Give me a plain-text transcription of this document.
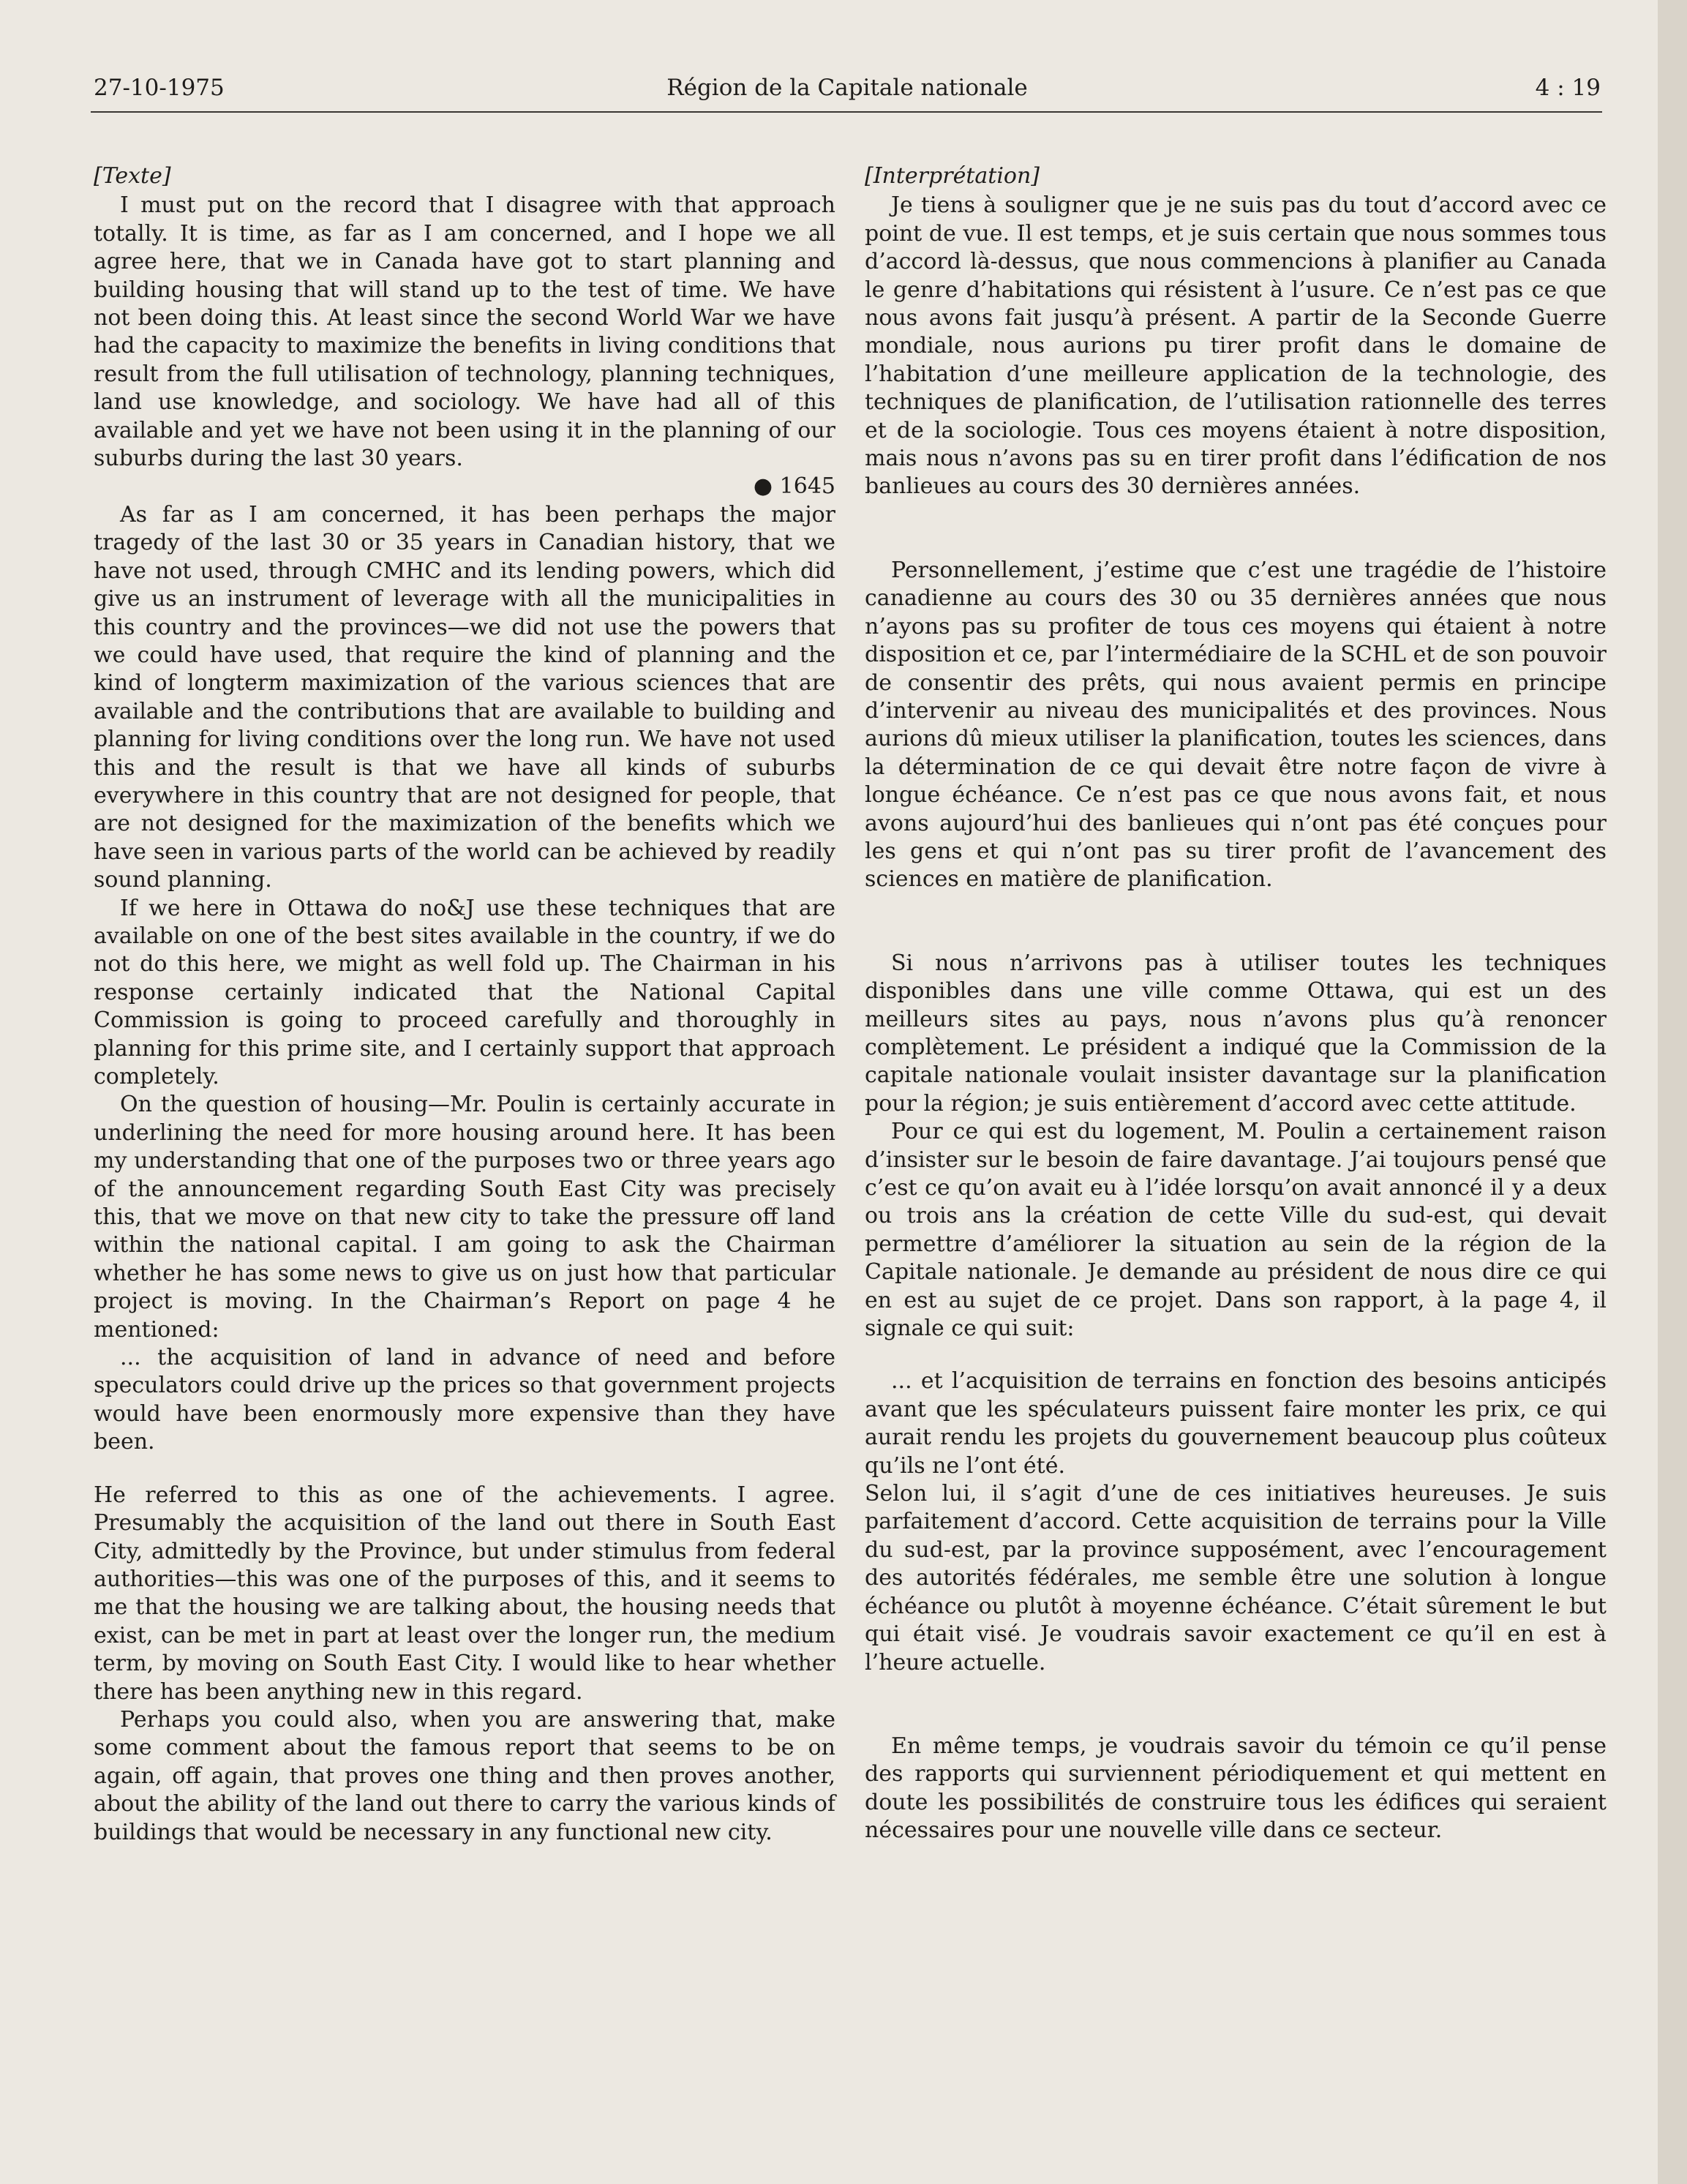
27-10-1975	Région de la Capitale nationale	4 : 19

[Texte]

I must put on the record that I disagree with that approach totally. It is time, as far as I am concerned, and I hope we all agree here, that we in Canada have got to start planning and building housing that will stand up to the test of time. We have not been doing this. At least since the second World War we have had the capacity to maximize the benefits in living conditions that result from the full utilisation of technology, planning techniques, land use knowledge, and sociology. We have had all of this available and yet we have not been using it in the planning of our suburbs during the last 30 years.

● 1645

As far as I am concerned, it has been perhaps the major tragedy of the last 30 or 35 years in Canadian history, that we have not used, through CMHC and its lending powers, which did give us an instrument of leverage with all the municipalities in this country and the provinces—we did not use the powers that we could have used, that require the kind of planning and the kind of longterm maximization of the various sciences that are available and the contributions that are available to building and planning for living conditions over the long run. We have not used this and the result is that we have all kinds of suburbs everywhere in this country that are not designed for people, that are not designed for the maximization of the benefits which we have seen in various parts of the world can be achieved by readily sound planning.

If we here in Ottawa do no&J use these techniques that are available on one of the best sites available in the country, if we do not do this here, we might as well fold up. The Chairman in his response certainly indicated that the National Capital Commission is going to proceed carefully and thoroughly in planning for this prime site, and I certainly support that approach completely.

On the question of housing—Mr. Poulin is certainly accurate in underlining the need for more housing around here. It has been my understanding that one of the purposes two or three years ago of the announcement regarding South East City was precisely this, that we move on that new city to take the pressure off land within the national capital. I am going to ask the Chairman whether he has some news to give us on just how that particular project is moving. In the Chairman’s Report on page 4 he mentioned:

... the acquisition of land in advance of need and before speculators could drive up the prices so that government projects would have been enormously more expensive than they have been.

He referred to this as one of the achievements. I agree. Presumably the acquisition of the land out there in South East City, admittedly by the Province, but under stimulus from federal authorities—this was one of the purposes of this, and it seems to me that the housing we are talking about, the housing needs that exist, can be met in part at least over the longer run, the medium term, by moving on South East City. I would like to hear whether there has been anything new in this regard.

Perhaps you could also, when you are answering that, make some comment about the famous report that seems to be on again, off again, that proves one thing and then proves another, about the ability of the land out there to carry the various kinds of buildings that would be necessary in any functional new city.

[Interprétation]

Je tiens à souligner que je ne suis pas du tout d’accord avec ce point de vue. Il est temps, et je suis certain que nous sommes tous d’accord là-dessus, que nous commencions à planifier au Canada le genre d’habitations qui résistent à l’usure. Ce n’est pas ce que nous avons fait jusqu’à présent. A partir de la Seconde Guerre mondiale, nous aurions pu tirer profit dans le domaine de l’habitation d’une meilleure application de la technologie, des techniques de planification, de l’utilisation rationnelle des terres et de la sociologie. Tous ces moyens étaient à notre disposition, mais nous n’avons pas su en tirer profit dans l’édification de nos banlieues au cours des 30 dernières années.

Personnellement, j’estime que c’est une tragédie de l’histoire canadienne au cours des 30 ou 35 dernières années que nous n’ayons pas su profiter de tous ces moyens qui étaient à notre disposition et ce, par l’intermédiaire de la SCHL et de son pouvoir de consentir des prêts, qui nous avaient permis en principe d’intervenir au niveau des municipalités et des provinces. Nous aurions dû mieux utiliser la planification, toutes les sciences, dans la détermination de ce qui devait être notre façon de vivre à longue échéance. Ce n’est pas ce que nous avons fait, et nous avons aujourd’hui des banlieues qui n’ont pas été conçues pour les gens et qui n’ont pas su tirer profit de l’avancement des sciences en matière de planification.

Si nous n’arrivons pas à utiliser toutes les techniques disponibles dans une ville comme Ottawa, qui est un des meilleurs sites au pays, nous n’avons plus qu’à renoncer complètement. Le président a indiqué que la Commission de la capitale nationale voulait insister davantage sur la planification pour la région; je suis entièrement d’accord avec cette attitude.

Pour ce qui est du logement, M. Poulin a certainement raison d’insister sur le besoin de faire davantage. J’ai toujours pensé que c’est ce qu’on avait eu à l’idée lorsqu’on avait annoncé il y a deux ou trois ans la création de cette Ville du sud-est, qui devait permettre d’améliorer la situation au sein de la région de la Capitale nationale. Je demande au président de nous dire ce qui en est au sujet de ce projet. Dans son rapport, à la page 4, il signale ce qui suit:

... et l’acquisition de terrains en fonction des besoins anticipés avant que les spéculateurs puissent faire monter les prix, ce qui aurait rendu les projets du gouvernement beaucoup plus coûteux qu’ils ne l’ont été.

Selon lui, il s’agit d’une de ces initiatives heureuses. Je suis parfaitement d’accord. Cette acquisition de terrains pour la Ville du sud-est, par la province supposément, avec l’encouragement des autorités fédérales, me semble être une solution à longue échéance ou plutôt à moyenne échéance. C’était sûrement le but qui était visé. Je voudrais savoir exactement ce qu’il en est à l’heure actuelle.

En même temps, je voudrais savoir du témoin ce qu’il pense des rapports qui surviennent périodiquement et qui mettent en doute les possibilités de construire tous les édifices qui seraient nécessaires pour une nouvelle ville dans ce secteur.
